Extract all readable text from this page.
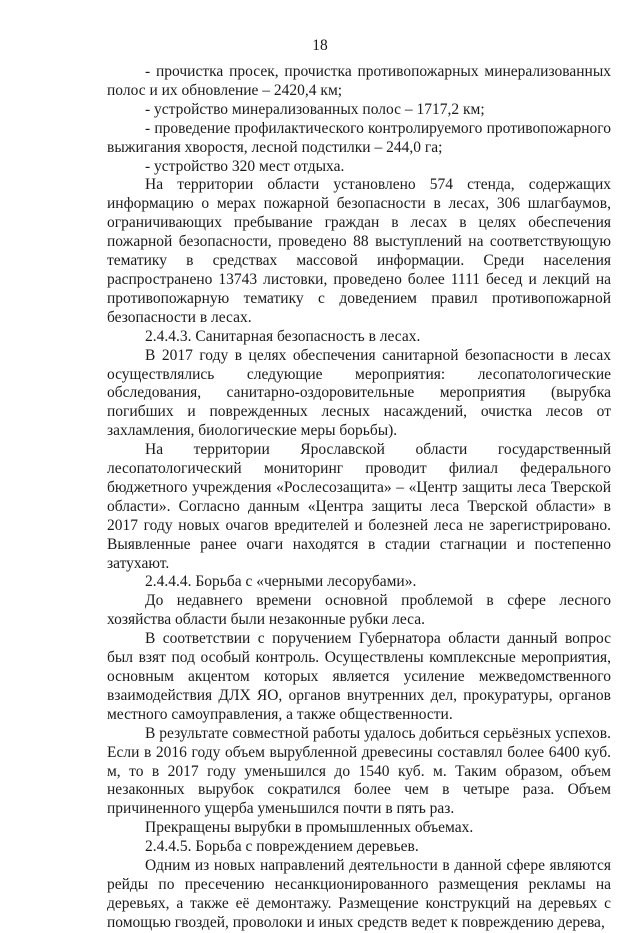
18

- прочистка просек, прочистка противопожарных минерализованных полос и их обновление – 2420,4 км;

- устройство минерализованных полос – 1717,2 км;

- проведение профилактического контролируемого противопожарного выжигания хворостя, лесной подстилки – 244,0 га;

- устройство 320 мест отдыха.

На территории области установлено 574 стенда, содержащих информацию о мерах пожарной безопасности в лесах, 306 шлагбаумов, ограничивающих пребывание граждан в лесах в целях обеспечения пожарной безопасности, проведено 88 выступлений на соответствующую тематику в средствах массовой информации. Среди населения распространено 13743 листовки, проведено более 1111 бесед и лекций на противопожарную тематику с доведением правил противопожарной безопасности в лесах.

2.4.4.3. Санитарная безопасность в лесах.

В 2017 году в целях обеспечения санитарной безопасности в лесах осуществлялись следующие мероприятия: лесопатологические обследования, санитарно-оздоровительные мероприятия (вырубка погибших и поврежденных лесных насаждений, очистка лесов от захламления, биологические меры борьбы).

На территории Ярославской области государственный лесопатологический мониторинг проводит филиал федерального бюджетного учреждения «Рослесозащита» – «Центр защиты леса Тверской области». Согласно данным «Центра защиты леса Тверской области» в 2017 году новых очагов вредителей и болезней леса не зарегистрировано. Выявленные ранее очаги находятся в стадии стагнации и постепенно затухают.

2.4.4.4. Борьба с «черными лесорубами».

До недавнего времени основной проблемой в сфере лесного хозяйства области были незаконные рубки леса.

В соответствии с поручением Губернатора области данный вопрос был взят под особый контроль. Осуществлены комплексные мероприятия, основным акцентом которых является усиление межведомственного взаимодействия ДЛХ ЯО, органов внутренних дел, прокуратуры, органов местного самоуправления, а также общественности.

В результате совместной работы удалось добиться серьёзных успехов. Если в 2016 году объем вырубленной древесины составлял более 6400 куб. м, то в 2017 году уменьшился до 1540 куб. м. Таким образом, объем незаконных вырубок сократился более чем в четыре раза. Объем причиненного ущерба уменьшился почти в пять раз.

Прекращены вырубки в промышленных объемах.

2.4.4.5. Борьба с повреждением деревьев.

Одним из новых направлений деятельности в данной сфере являются рейды по пресечению несанкционированного размещения рекламы на деревьях, а также её демонтажу. Размещение конструкций на деревьях с помощью гвоздей, проволоки и иных средств ведет к повреждению дерева,
